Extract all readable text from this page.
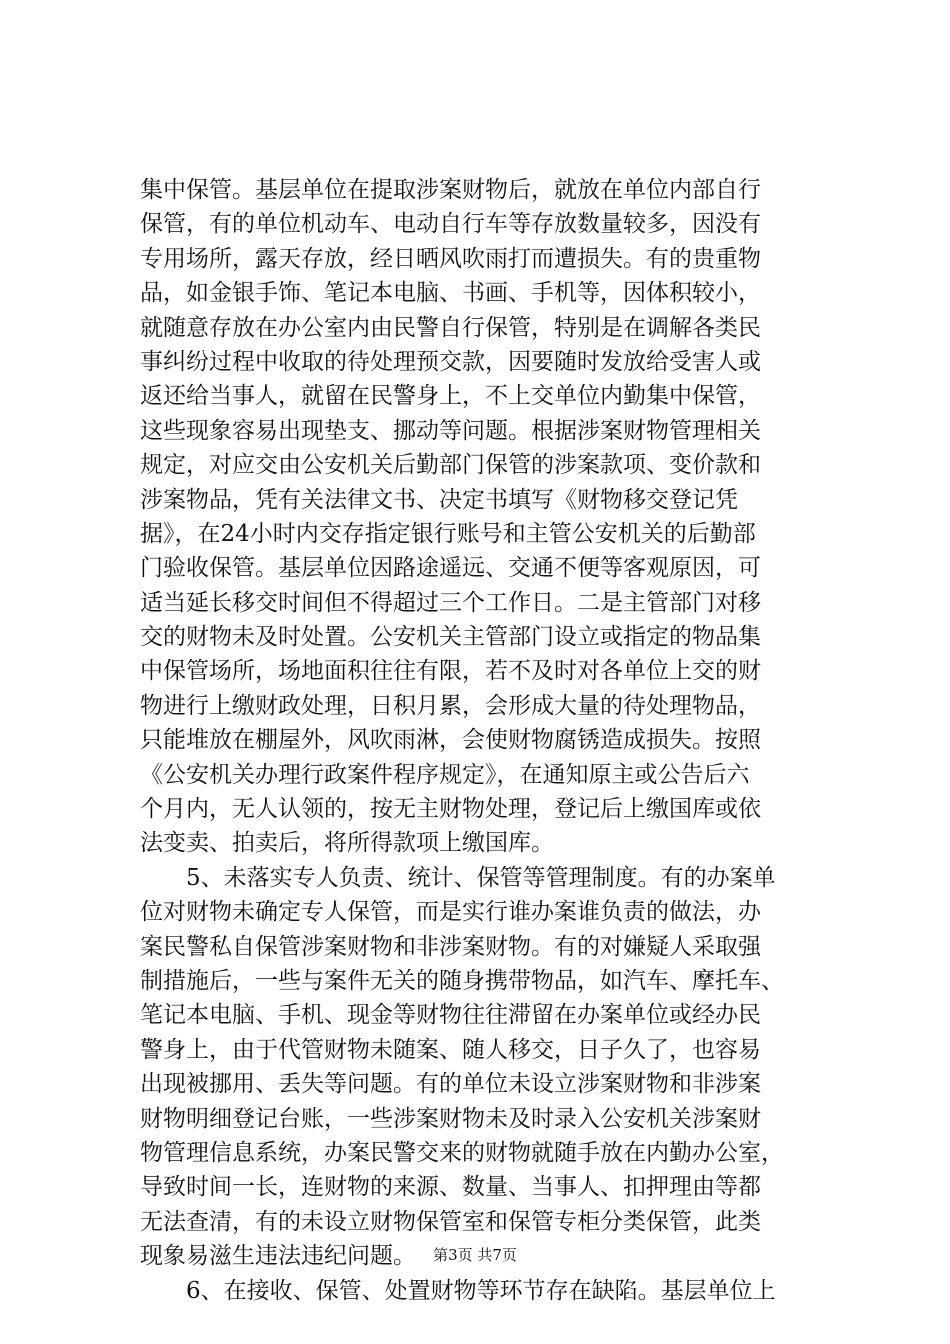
集中保管。基层单位在提取涉案财物后，就放在单位内部自行
保管，有的单位机动车、电动自行车等存放数量较多，因没有
专用场所，露天存放，经日晒风吹雨打而遭损失。有的贵重物
品，如金银手饰、笔记本电脑、书画、手机等，因体积较小，
就随意存放在办公室内由民警自行保管，特别是在调解各类民
事纠纷过程中收取的待处理预交款，因要随时发放给受害人或
返还给当事人，就留在民警身上，不上交单位内勤集中保管，
这些现象容易出现垫支、挪动等问题。根据涉案财物管理相关
规定，对应交由公安机关后勤部门保管的涉案款项、变价款和
涉案物品，凭有关法律文书、决定书填写《财物移交登记凭
据》，在24小时内交存指定银行账号和主管公安机关的后勤部
门验收保管。基层单位因路途遥远、交通不便等客观原因，可
适当延长移交时间但不得超过三个工作日。二是主管部门对移
交的财物未及时处置。公安机关主管部门设立或指定的物品集
中保管场所，场地面积往往有限，若不及时对各单位上交的财
物进行上缴财政处理，日积月累，会形成大量的待处理物品，
只能堆放在棚屋外，风吹雨淋，会使财物腐锈造成损失。按照
《公安机关办理行政案件程序规定》，在通知原主或公告后六
个月内，无人认领的，按无主财物处理，登记后上缴国库或依
法变卖、拍卖后，将所得款项上缴国库。
　　5、未落实专人负责、统计、保管等管理制度。有的办案单
位对财物未确定专人保管，而是实行谁办案谁负责的做法，办
案民警私自保管涉案财物和非涉案财物。有的对嫌疑人采取强
制措施后，一些与案件无关的随身携带物品，如汽车、摩托车、
笔记本电脑、手机、现金等财物往往滞留在办案单位或经办民
警身上，由于代管财物未随案、随人移交，日子久了，也容易
出现被挪用、丢失等问题。有的单位未设立涉案财物和非涉案
财物明细登记台账，一些涉案财物未及时录入公安机关涉案财
物管理信息系统，办案民警交来的财物就随手放在内勤办公室，
导致时间一长，连财物的来源、数量、当事人、扣押理由等都
无法查清，有的未设立财物保管室和保管专柜分类保管，此类
现象易滋生违法违纪问题。
　　6、在接收、保管、处置财物等环节存在缺陷。基层单位上
第3页 共7页
